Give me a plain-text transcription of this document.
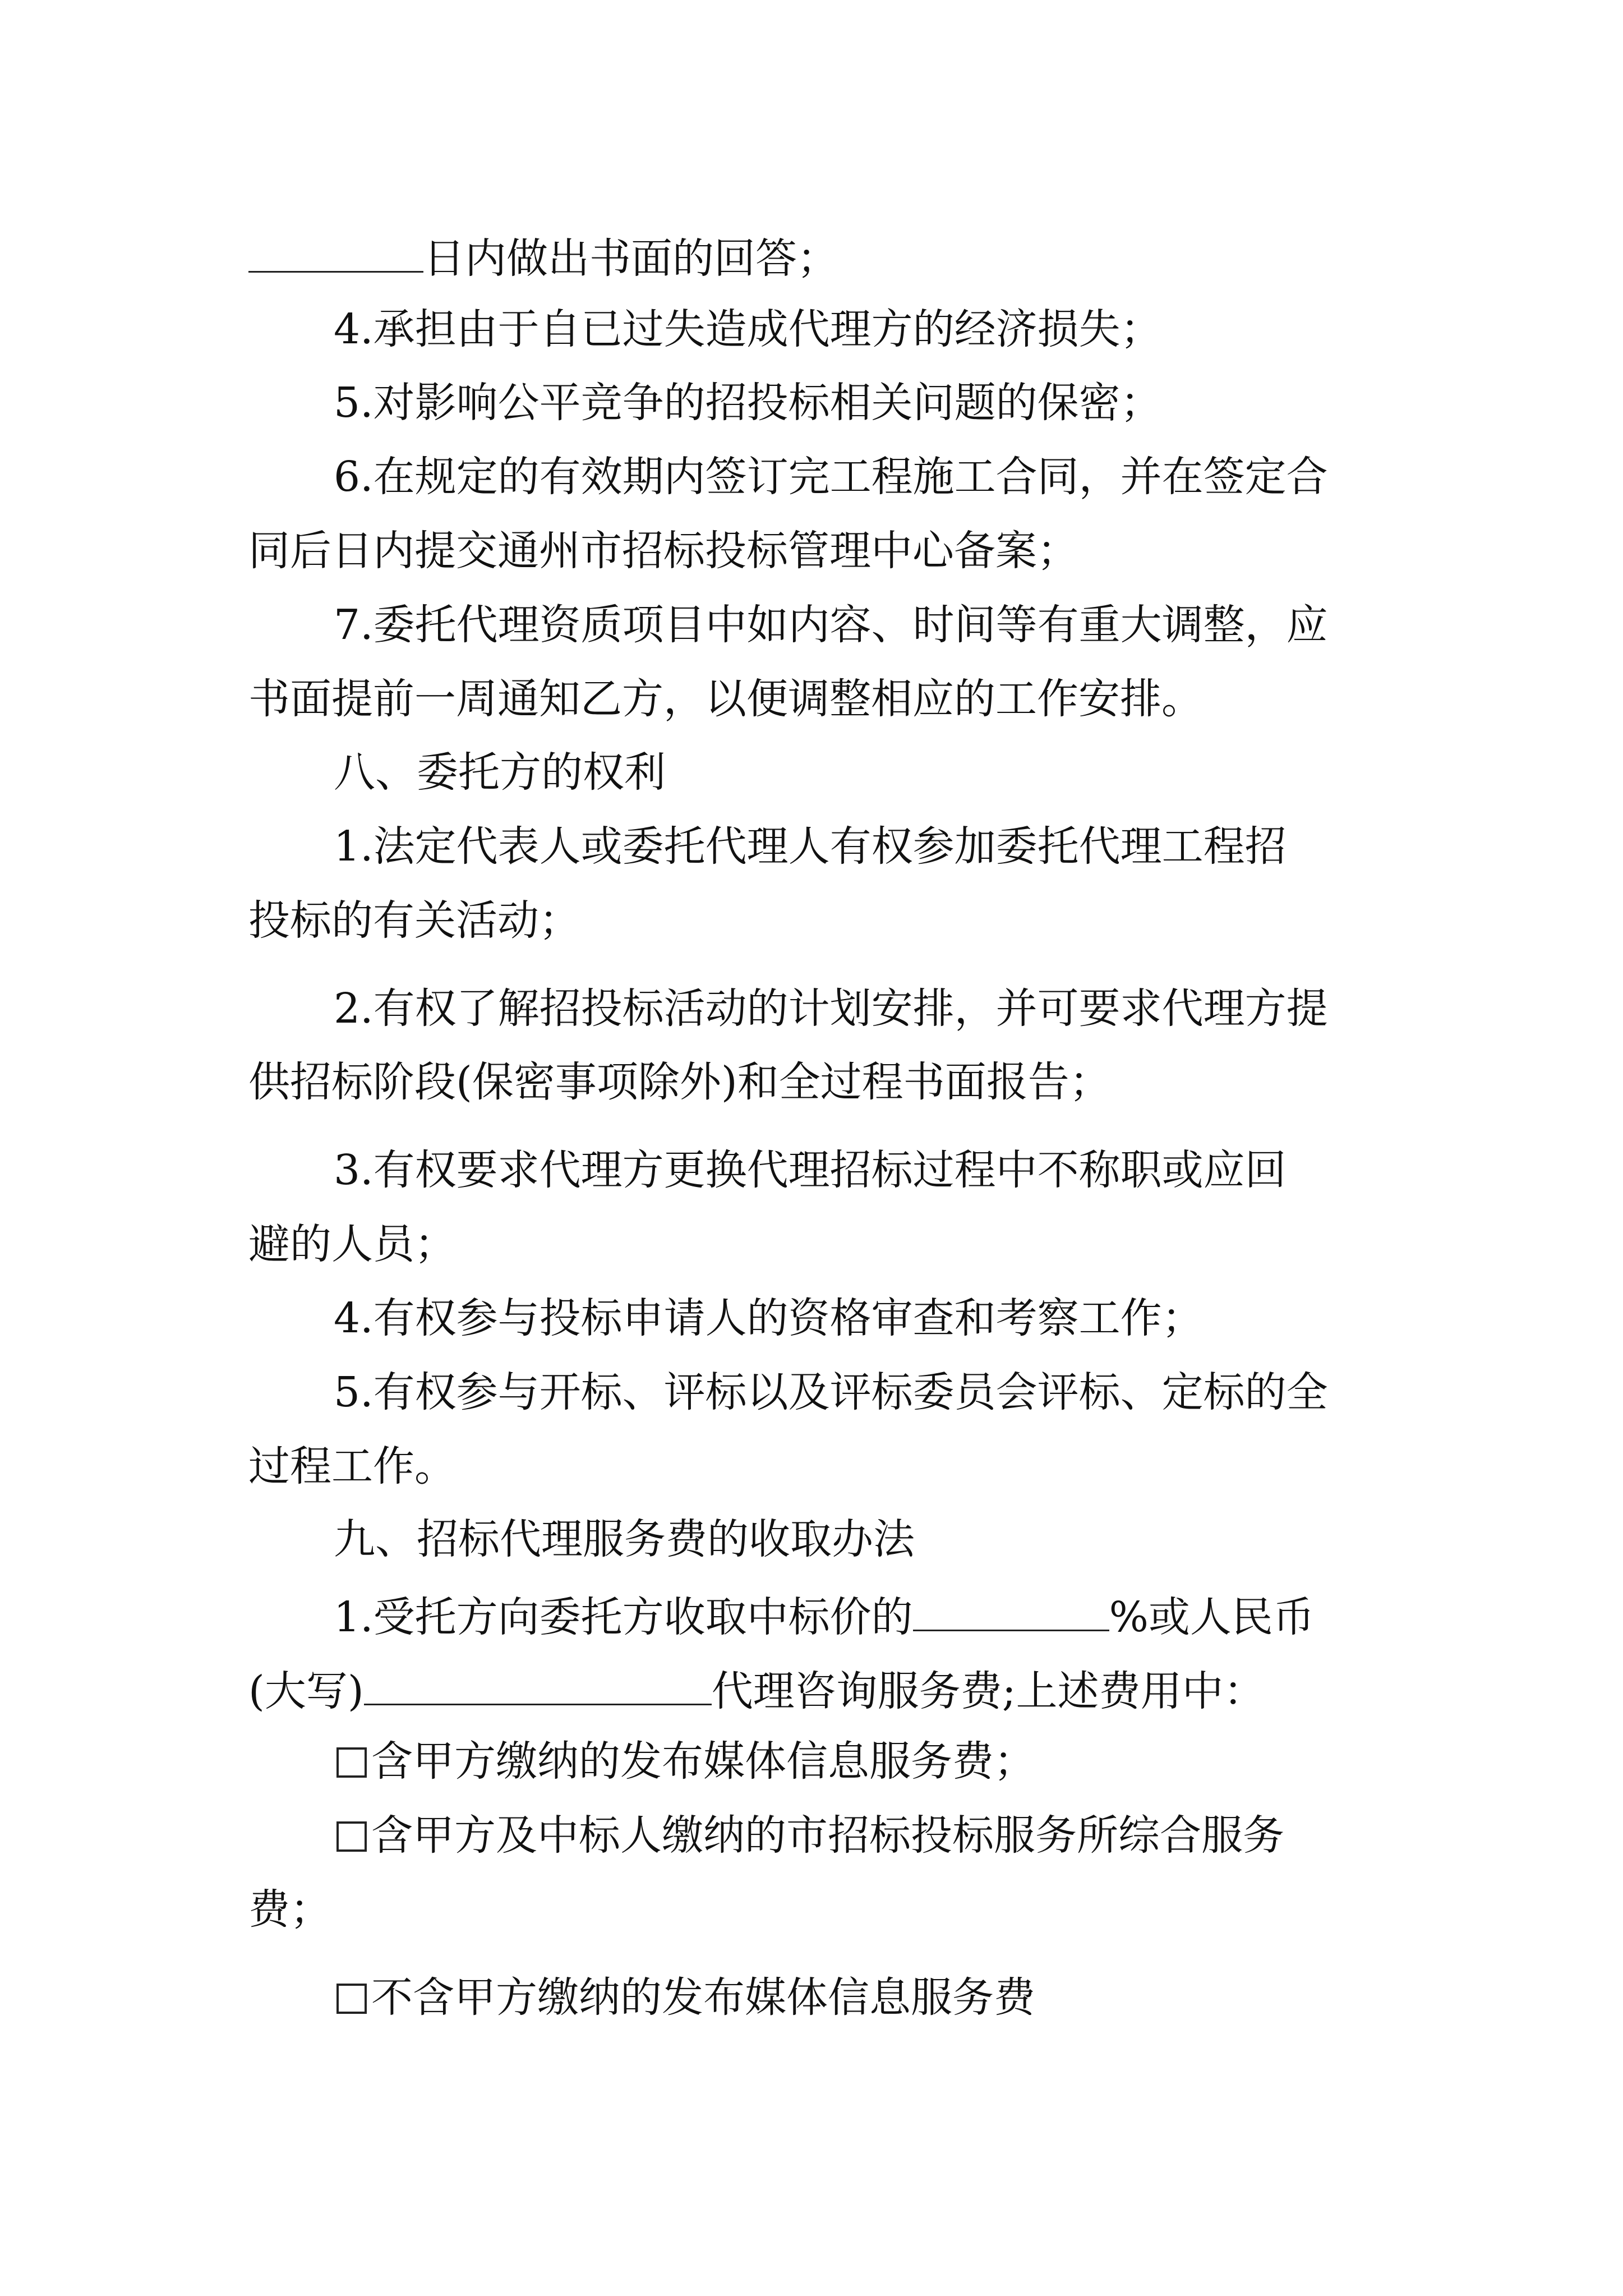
日内做出书面的回答；
4.承担由于自已过失造成代理方的经济损失；
5.对影响公平竞争的招投标相关问题的保密；
6.在规定的有效期内签订完工程施工合同，并在签定合
同后日内提交通州市招标投标管理中心备案；
7.委托代理资质项目中如内容、时间等有重大调整，应
书面提前一周通知乙方，以便调整相应的工作安排。
八、委托方的权利
1.法定代表人或委托代理人有权参加委托代理工程招
投标的有关活动；
2.有权了解招投标活动的计划安排，并可要求代理方提
供招标阶段(保密事项除外)和全过程书面报告；
3.有权要求代理方更换代理招标过程中不称职或应回
避的人员；
4.有权参与投标申请人的资格审查和考察工作；
5.有权参与开标、评标以及评标委员会评标、定标的全
过程工作。
九、招标代理服务费的收取办法
1.受托方向委托方收取中标价的	%或人民币
(大写)	代理咨询服务费;上述费用中：
含甲方缴纳的发布媒体信息服务费；
含甲方及中标人缴纳的市招标投标服务所综合服务
费；
不含甲方缴纳的发布媒体信息服务费
